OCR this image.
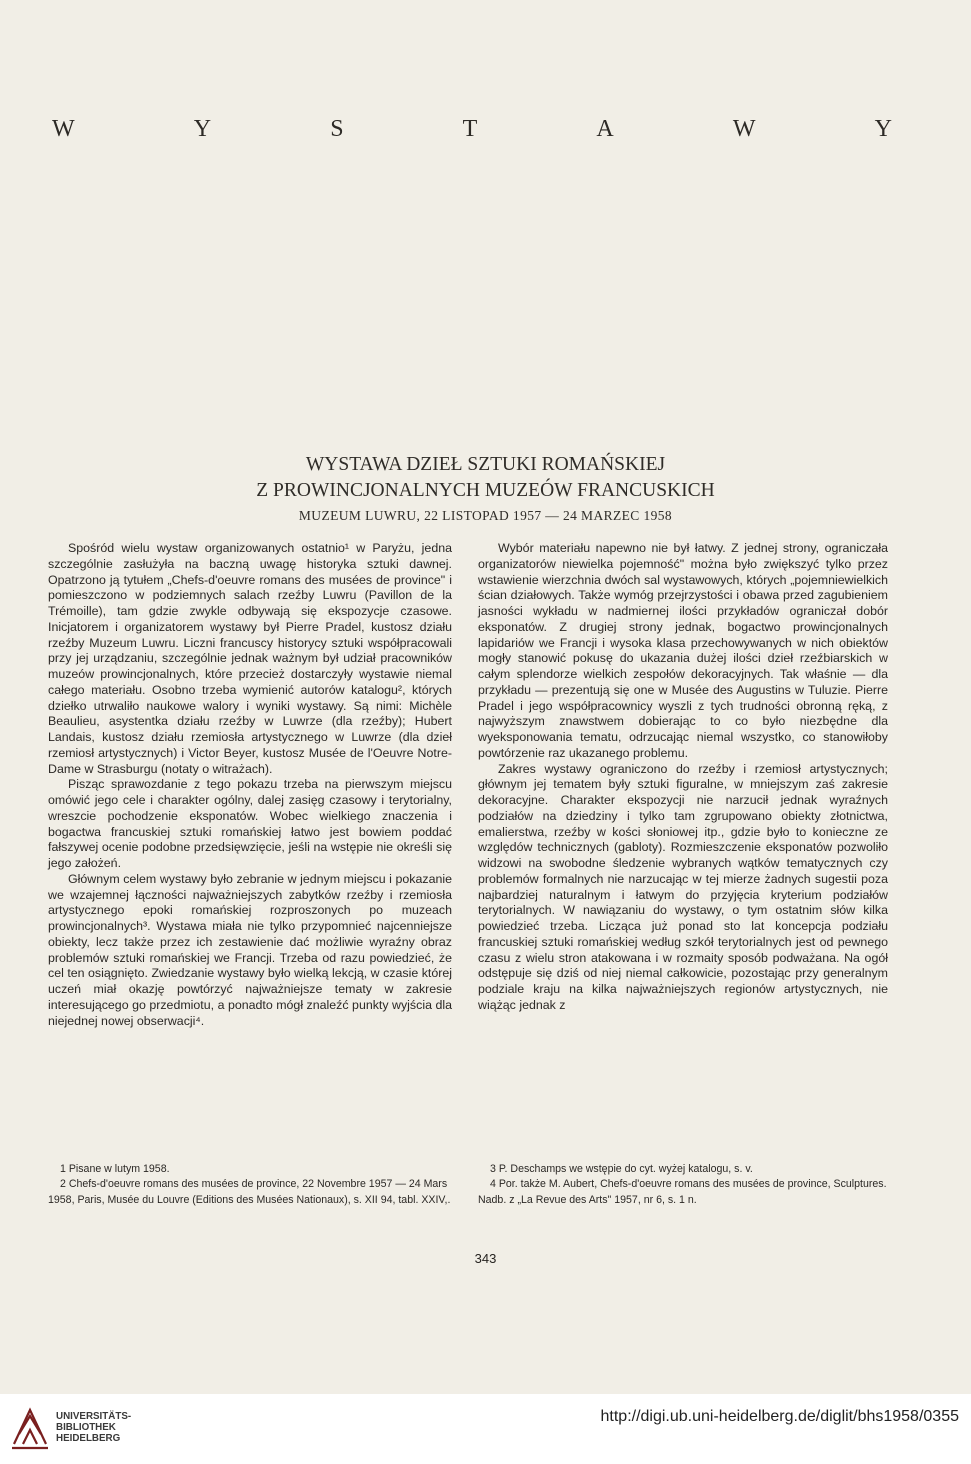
W	Y	S	T	A	W	Y
WYSTAWA DZIEŁ SZTUKI ROMAŃSKIEJ
Z PROWINCJONALNYCH MUZEÓW FRANCUSKICH
MUZEUM LUWRU, 22 LISTOPAD 1957 — 24 MARZEC 1958

Spośród wielu wystaw organizowanych ostatnio¹ w Paryżu, jedna szczególnie zasłużyła na baczną uwagę historyka sztuki dawnej. Opatrzono ją tytułem „Chefs-d'oeuvre romans des musées de province" i pomieszczono w podziemnych salach rzeźby Luwru (Pavillon de la Trémoille), tam gdzie zwykle odbywają się ekspozycje czasowe. Inicjatorem i organizatorem wystawy był Pierre Pradel, kustosz działu rzeźby Muzeum Luwru. Liczni francuscy historycy sztuki współpracowali przy jej urządzaniu, szczególnie jednak ważnym był udział pracowników muzeów prowincjonalnych, które przecież dostarczyły wystawie niemal całego materiału. Osobno trzeba wymienić autorów katalogu², których dziełko utrwaliło naukowe walory i wyniki wystawy. Są nimi: Michèle Beaulieu, asystentka działu rzeźby w Luwrze (dla rzeźby); Hubert Landais, kustosz działu rzemiosła artystycznego w Luwrze (dla dzieł rzemiosł artystycznych) i Victor Beyer, kustosz Musée de l'Oeuvre Notre-Dame w Strasburgu (notaty o witrażach).

Pisząc sprawozdanie z tego pokazu trzeba na pierwszym miejscu omówić jego cele i charakter ogólny, dalej zasięg czasowy i terytorialny, wreszcie pochodzenie eksponatów. Wobec wielkiego znaczenia i bogactwa francuskiej sztuki romańskiej łatwo jest bowiem poddać fałszywej ocenie podobne przedsięwzięcie, jeśli na wstępie nie określi się jego założeń.

Głównym celem wystawy było zebranie w jednym miejscu i pokazanie we wzajemnej łączności najważniejszych zabytków rzeźby i rzemiosła artystycznego epoki romańskiej rozproszonych po muzeach prowincjonalnych³. Wystawa miała nie tylko przypomnieć najcenniejsze obiekty, lecz także przez ich zestawienie dać możliwie wyraźny obraz problemów sztuki romańskiej we Francji. Trzeba od razu powiedzieć, że cel ten osiągnięto. Zwiedzanie wystawy było wielką lekcją, w czasie której uczeń miał okazję powtórzyć najważniejsze tematy w zakresie interesującego go przedmiotu, a ponadto mógł znaleźć punkty wyjścia dla niejednej nowej obserwacji⁴.

Wybór materiału napewno nie był łatwy. Z jednej strony, ograniczała organizatorów niewielka pojemność" można było zwiększyć tylko przez wstawienie wierzchnia dwóch sal wystawowych, których „pojemniewielkich ścian działowych. Także wymóg przejrzystości i obawa przed zagubieniem jasności wykładu w nadmiernej ilości przykładów ograniczał dobór eksponatów. Z drugiej strony jednak, bogactwo prowincjonalnych lapidariów we Francji i wysoka klasa przechowywanych w nich obiektów mogły stanowić pokusę do ukazania dużej ilości dzieł rzeźbiarskich w całym splendorze wielkich zespołów dekoracyjnych. Tak właśnie — dla przykładu — prezentują się one w Musée des Augustins w Tuluzie. Pierre Pradel i jego współpracownicy wyszli z tych trudności obronną ręką, z najwyższym znawstwem dobierając to co było niezbędne dla wyeksponowania tematu, odrzucając niemal wszystko, co stanowiłoby powtórzenie raz ukazanego problemu.

Zakres wystawy ograniczono do rzeźby i rzemiosł artystycznych; głównym jej tematem były sztuki figuralne, w mniejszym zaś zakresie dekoracyjne. Charakter ekspozycji nie narzucił jednak wyraźnych podziałów na dziedziny i tylko tam zgrupowano obiekty złotnictwa, emalierstwa, rzeźby w kości słoniowej itp., gdzie było to konieczne ze względów technicznych (gabloty). Rozmieszczenie eksponatów pozwoliło widzowi na swobodne śledzenie wybranych wątków tematycznych czy problemów formalnych nie narzucając w tej mierze żadnych sugestii poza najbardziej naturalnym i łatwym do przyjęcia kryterium podziałów terytorialnych. W nawiązaniu do wystawy, o tym ostatnim słów kilka powiedzieć trzeba. Licząca już ponad sto lat koncepcja podziału francuskiej sztuki romańskiej według szkół terytorialnych jest od pewnego czasu z wielu stron atakowana i w rozmaity sposób podważana. Na ogół odstępuje się dziś od niej niemal całkowicie, pozostając przy generalnym podziale kraju na kilka najważniejszych regionów artystycznych, nie wiążąc jednak z

1 Pisane w lutym 1958.

2 Chefs-d'oeuvre romans des musées de province, 22 Novembre 1957 — 24 Mars 1958, Paris, Musée du Louvre (Editions des Musées Nationaux), s. XII 94, tabl. XXIV,.

3 P. Deschamps we wstępie do cyt. wyżej katalogu, s. v.

4 Por. także M. Aubert, Chefs-d'oeuvre romans des musées de province, Sculptures. Nadb. z „La Revue des Arts" 1957, nr 6, s. 1 n.

343
UNIVERSITÄTS-
BIBLIOTHEK
HEIDELBERG
http://digi.ub.uni-heidelberg.de/diglit/bhs1958/0355
